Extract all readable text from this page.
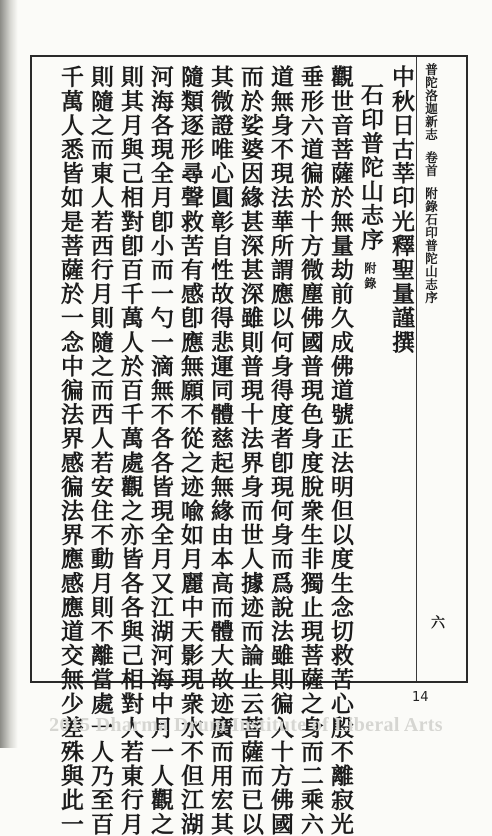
普陀洛迦新志卷首附錄石印普陀山志序
六
中秋日古莘印光釋聖量謹撰
石印普陀山志序附錄
觀世音菩薩於無量劫前久成佛道號正法明但以度生念切救苦心殷不離寂光
垂形六道徧於十方微塵佛國普現色身度脫衆生非獨止現菩薩之身而二乘六
道無身不現法華所謂應以何身得度者卽現何身而爲說法雖則徧入十方佛國
而於娑婆因緣甚深甚深雖則普現十法界身而世人據迹而論止云菩薩而已以
其微證唯心圓彰自性故得悲運同體慈起無緣由本高而體大故迹廣而用宏其
隨類逐形尋聲救苦有感卽應無願不從之迹喩如月麗中天影現衆水不但江湖
河海各現全月卽小而一勺一滴無不各各皆現全月又江湖河海中月一人觀之
則其月與己相對卽百千萬人於百千萬處觀之亦皆各各與己相對人若東行月
則隨之而東人若西行月則隨之而西人若安住不動月則不離當處一人乃至百
千萬人悉皆如是菩薩於一念中徧法界感徧法界應感應道交無少差殊與此一	14
2015 Dharma Drum Institute of Liberal Arts
